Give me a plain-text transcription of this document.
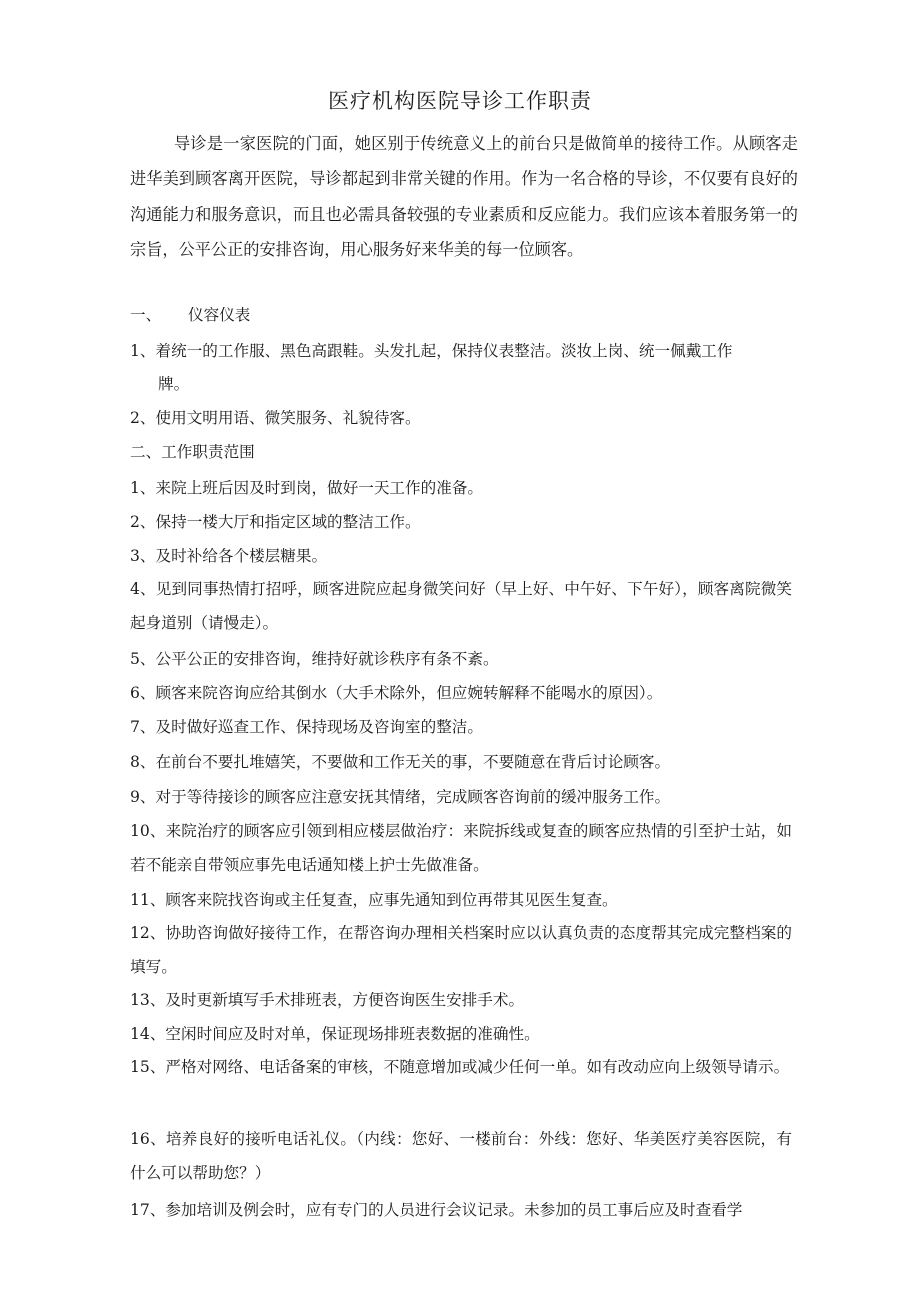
医疗机构医院导诊工作职责
导诊是一家医院的门面，她区别于传统意义上的前台只是做简单的接待工作。从顾客走进华美到顾客离开医院，导诊都起到非常关键的作用。作为一名合格的导诊，不仅要有良好的沟通能力和服务意识，而且也必需具备较强的专业素质和反应能力。我们应该本着服务第一的宗旨，公平公正的安排咨询，用心服务好来华美的每一位顾客。
一、 仪容仪表
1、着统一的工作服、黑色高跟鞋。头发扎起，保持仪表整洁。淡妆上岗、统一佩戴工作
牌。
2、使用文明用语、微笑服务、礼貌待客。
二、工作职责范围
1、来院上班后因及时到岗，做好一天工作的准备。
2、保持一楼大厅和指定区域的整洁工作。
3、及时补给各个楼层糖果。
4、见到同事热情打招呼，顾客进院应起身微笑问好（早上好、中午好、下午好），顾客离院微笑起身道别（请慢走）。
5、公平公正的安排咨询，维持好就诊秩序有条不紊。
6、顾客来院咨询应给其倒水（大手术除外，但应婉转解释不能喝水的原因）。
7、及时做好巡查工作、保持现场及咨询室的整洁。
8、在前台不要扎堆嬉笑，不要做和工作无关的事，不要随意在背后讨论顾客。
9、对于等待接诊的顾客应注意安抚其情绪，完成顾客咨询前的缓冲服务工作。
10、来院治疗的顾客应引领到相应楼层做治疗：来院拆线或复查的顾客应热情的引至护士站，如若不能亲自带领应事先电话通知楼上护士先做准备。
11、顾客来院找咨询或主任复查，应事先通知到位再带其见医生复查。
12、协助咨询做好接待工作，在帮咨询办理相关档案时应以认真负责的态度帮其完成完整档案的填写。
13、及时更新填写手术排班表，方便咨询医生安排手术。
14、空闲时间应及时对单，保证现场排班表数据的准确性。
15、严格对网络、电话备案的审核，不随意增加或减少任何一单。如有改动应向上级领导请示。
16、培养良好的接听电话礼仪。（内线：您好、一楼前台：外线：您好、华美医疗美容医院，有什么可以帮助您？）
17、参加培训及例会时，应有专门的人员进行会议记录。未参加的员工事后应及时查看学
